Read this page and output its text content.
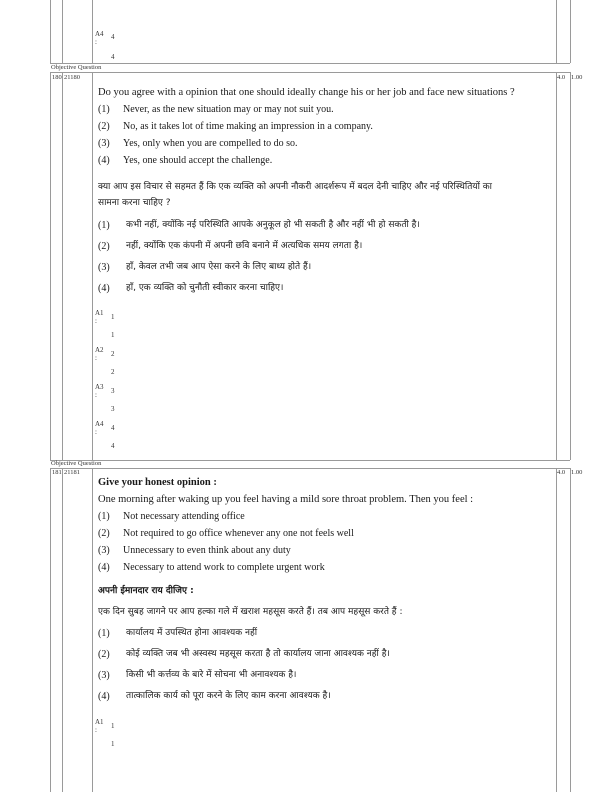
A4 4
:
4
Objective Question
180 21180	4.0 1.00
Do you agree with a opinion that one should ideally change his or her job and face new situations ?
(1) Never, as the new situation may or may not suit you.
(2) No, as it takes lot of time making an impression in a company.
(3) Yes, only when you are compelled to do so.
(4) Yes, one should accept the challenge.
क्या आप इस विचार से सहमत हैं कि एक व्यक्ति को अपनी नौकरी आदर्शरूप में बदल देनी चाहिए और नई परिस्थितियों का
सामना करना चाहिए ?
(1) कभी नहीं, क्योंकि नई परिस्थिति आपके अनुकूल हो भी सकती है और नहीं भी हो सकती है।
(2) नहीं, क्योंकि एक कंपनी में अपनी छवि बनाने में अत्यधिक समय लगता है।
(3) हाँ, केवल तभी जब आप ऐसा करने के लिए बाध्य होते हैं।
(4) हाँ, एक व्यक्ति को चुनौती स्वीकार करना चाहिए।
A1 1
:
1
A2 2
:
2
A3 3
:
3
A4 4
:
4
Objective Question
181 21181	4.0 1.00
Give your honest opinion :
One morning after waking up you feel having a mild sore throat problem. Then you feel :
(1) Not necessary attending office
(2) Not required to go office whenever any one not feels well
(3) Unnecessary to even think about any duty
(4) Necessary to attend work to complete urgent work
अपनी ईमानदार राय दीजिए :
एक दिन सुबह जागने पर आप हल्का गले में खराश महसूस करते हैं। तब आप महसूस करते हैं :
(1) कार्यालय में उपस्थित होना आवश्यक नहीं
(2) कोई व्यक्ति जब भी अस्वस्थ महसूस करता है तो कार्यालय जाना आवश्यक नहीं है।
(3) किसी भी कर्त्तव्य के बारे में सोचना भी अनावश्यक है।
(4) तात्कालिक कार्य को पूरा करने के लिए काम करना आवश्यक है।
A1 1
:
1
